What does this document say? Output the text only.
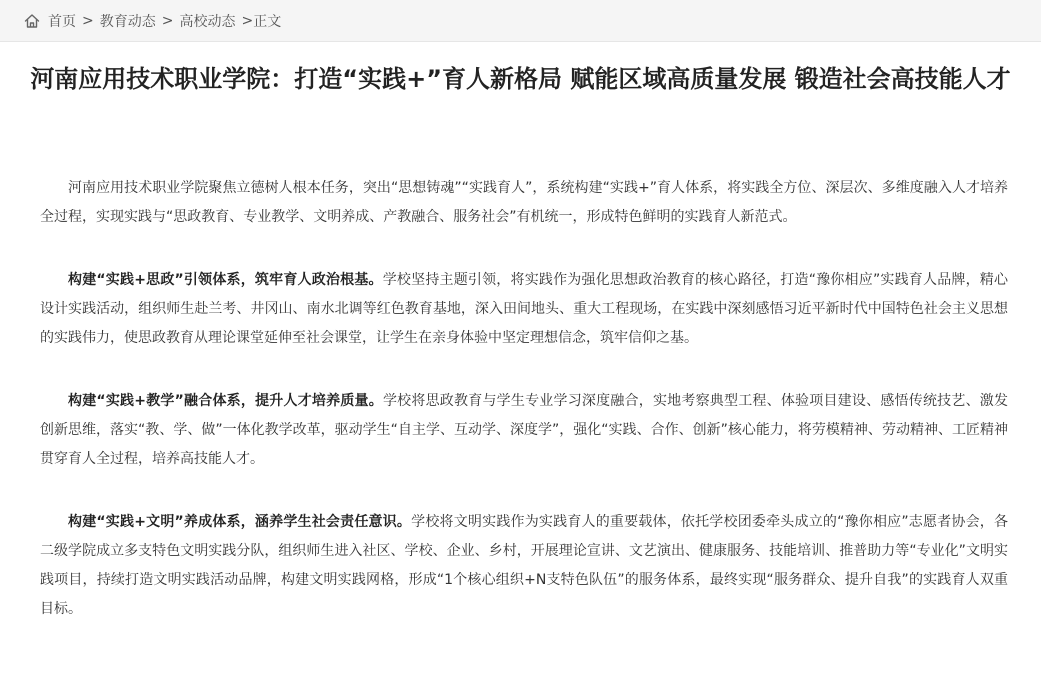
首页 > 教育动态 > 高校动态 > 正文
河南应用技术职业学院：打造“实践+”育人新格局 赋能区域高质量发展 锻造社会高技能人才

河南应用技术职业学院聚焦立德树人根本任务，突出“思想铸魂”“实践育人”，系统构建“实践+”育人体系，将实践全方位、深层次、多维度融入人才培养全过程，实现实践与“思政教育、专业教学、文明养成、产教融合、服务社会”有机统一，形成特色鲜明的实践育人新范式。

构建“实践+思政”引领体系，筑牢育人政治根基。学校坚持主题引领，将实践作为强化思想政治教育的核心路径，打造“豫你相应”实践育人品牌，精心设计实践活动，组织师生赴兰考、井冈山、南水北调等红色教育基地，深入田间地头、重大工程现场，在实践中深刻感悟习近平新时代中国特色社会主义思想的实践伟力，使思政教育从理论课堂延伸至社会课堂，让学生在亲身体验中坚定理想信念，筑牢信仰之基。

构建“实践+教学”融合体系，提升人才培养质量。学校将思政教育与学生专业学习深度融合，实地考察典型工程、体验项目建设、感悟传统技艺、激发创新思维，落实“教、学、做”一体化教学改革，驱动学生“自主学、互动学、深度学”，强化“实践、合作、创新”核心能力，将劳模精神、劳动精神、工匠精神贯穿育人全过程，培养高技能人才。

构建“实践+文明”养成体系，涵养学生社会责任意识。学校将文明实践作为实践育人的重要载体，依托学校团委牵头成立的“豫你相应”志愿者协会，各二级学院成立多支特色文明实践分队，组织师生进入社区、学校、企业、乡村，开展理论宣讲、文艺演出、健康服务、技能培训、推普助力等“专业化”文明实践项目，持续打造文明实践活动品牌，构建文明实践网格，形成“1个核心组织+N支特色队伍”的服务体系，最终实现“服务群众、提升自我”的实践育人双重目标。
